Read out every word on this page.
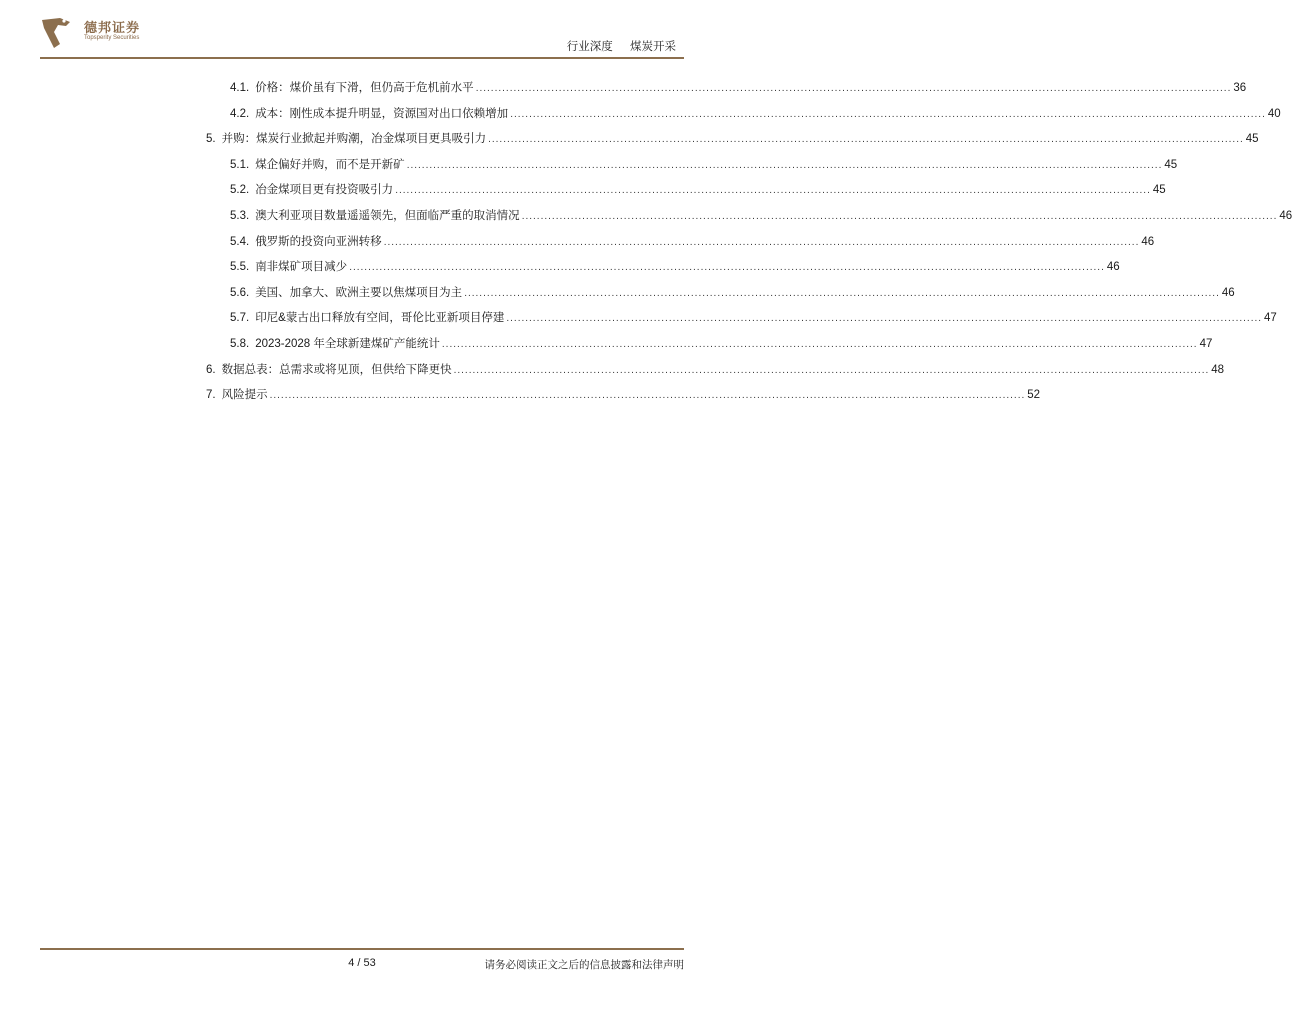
德邦证券
Topsperity Securities
行业深度 煤炭开采
4.1. 价格：煤价虽有下滑，但仍高于危机前水平 ........................................................................................................................................................................................................ 36
4.2. 成本：刚性成本提升明显，资源国对出口依赖增加 ........................................................................................................................................................................................................ 40
5. 并购：煤炭行业掀起并购潮，冶金煤项目更具吸引力 ........................................................................................................................................................................................................ 45
5.1. 煤企偏好并购，而不是开新矿 ........................................................................................................................................................................................................ 45
5.2. 冶金煤项目更有投资吸引力 ........................................................................................................................................................................................................ 45
5.3. 澳大利亚项目数量遥遥领先，但面临严重的取消情况 ........................................................................................................................................................................................................ 46
5.4. 俄罗斯的投资向亚洲转移 ........................................................................................................................................................................................................ 46
5.5. 南非煤矿项目减少 ........................................................................................................................................................................................................ 46
5.6. 美国、加拿大、欧洲主要以焦煤项目为主 ........................................................................................................................................................................................................ 46
5.7. 印尼&蒙古出口释放有空间，哥伦比亚新项目停建 ........................................................................................................................................................................................................ 47
5.8. 2023-2028 年全球新建煤矿产能统计 ........................................................................................................................................................................................................ 47
6. 数据总表：总需求或将见顶，但供给下降更快 ........................................................................................................................................................................................................ 48
7. 风险提示 ........................................................................................................................................................................................................ 52
4 / 53	请务必阅读正文之后的信息披露和法律声明
